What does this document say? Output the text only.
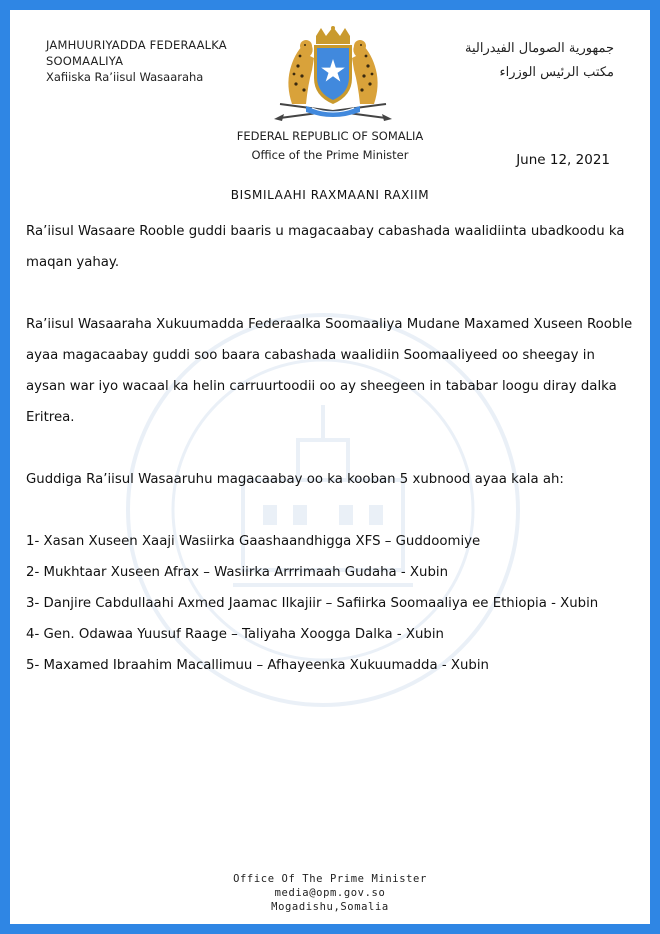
JAMHUURIYADDA FEDERAALKA
SOOMAALIYA
Xafiiska Ra’iisul Wasaaraha
جمهورية الصومال الفيدرالية
مكتب الرئيس الوزراء
FEDERAL REPUBLIC OF SOMALIA
Office of the Prime Minister	June 12, 2021
BISMILAAHI RAXMAANI RAXIIM

Ra’iisul Wasaare Rooble guddi baaris u magacaabay cabashada waalidiinta ubadkoodu ka maqan yahay.

Ra’iisul Wasaaraha Xukuumadda Federaalka Soomaaliya Mudane Maxamed Xuseen Rooble ayaa magacaabay guddi soo baara cabashada waalidiin Soomaaliyeed oo sheegay in aysan war iyo wacaal ka helin carruurtoodii oo ay sheegeen in tababar loogu diray dalka Eritrea.

Guddiga Ra’iisul Wasaaruhu magacaabay oo ka kooban 5 xubnood ayaa kala ah:

1- Xasan Xuseen Xaaji Wasiirka Gaashaandhigga XFS – Guddoomiye
2- Mukhtaar Xuseen Afrax – Wasiirka Arrrimaah Gudaha - Xubin
3- Danjire Cabdullaahi Axmed Jaamac Ilkajiir – Safiirka Soomaaliya ee Ethiopia - Xubin
4- Gen. Odawaa Yuusuf Raage – Taliyaha Xoogga Dalka - Xubin
5- Maxamed Ibraahim Macallimuu – Afhayeenka Xukuumadda - Xubin
Office Of The Prime Minister
media@opm.gov.so
Mogadishu,Somalia
